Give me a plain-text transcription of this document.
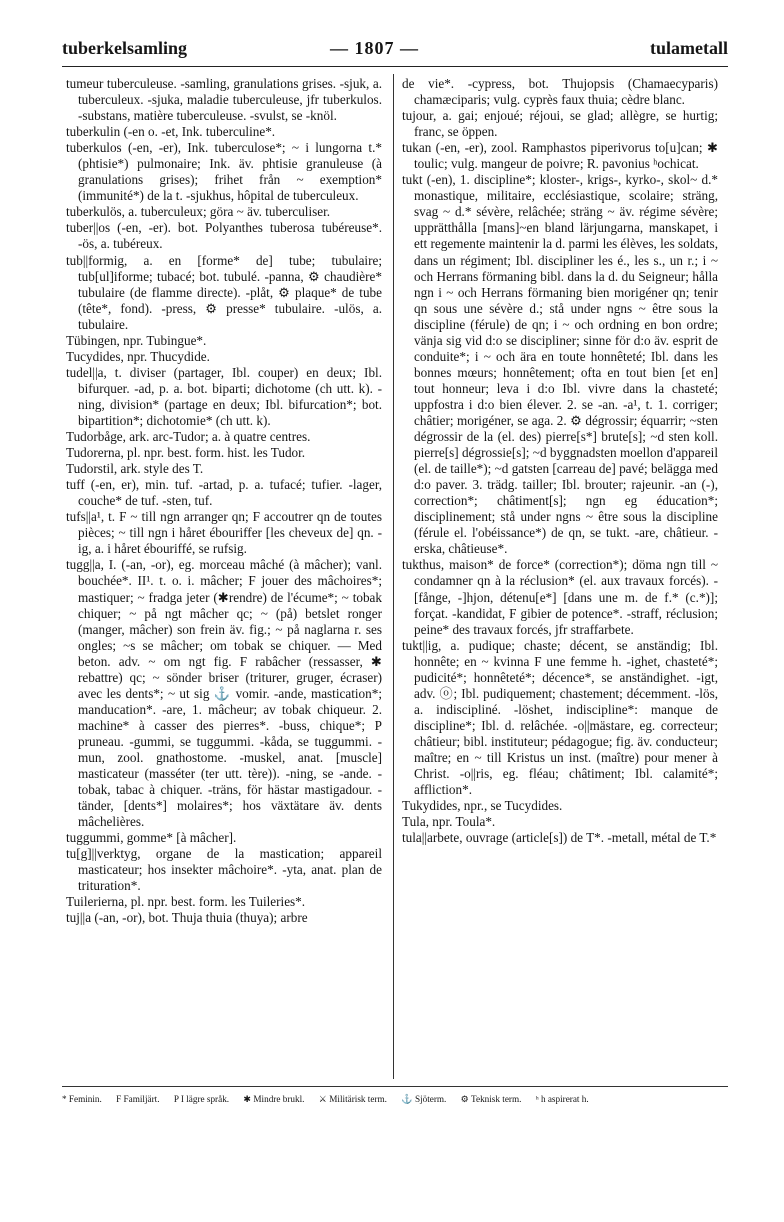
tuberkelsamling	— 1807 —	tulametall

tumeur tuberculeuse. -samling, granulations grises. -sjuk, a. tuberculeux. -sjuka, maladie tuberculeuse, jfr tuberkulos. -substans, matière tuberculeuse. -svulst, se -knöl.

tuberkulin (-en o. -et, Ink. tuberculine*.

tuberkulos (-en, -er), Ink. tuberculose*; ~ i lungorna t.* (phtisie*) pulmonaire; Ink. äv. phtisie granuleuse (à granulations grises); frihet från ~ exemption* (immunité*) de la t. -sjukhus, hôpital de tuberculeux.

tuberkulös, a. tuberculeux; göra ~ äv. tuberculiser.

tuber||os (-en, -er). bot. Polyanthes tuberosa tubéreuse*. -ös, a. tubéreux.

tub||formig, a. en [forme* de] tube; tubulaire; tub[ul]iforme; tubacé; bot. tubulé. -panna, ⚙ chaudière* tubulaire (de flamme directe). -plåt, ⚙ plaque* de tube (tête*, fond). -press, ⚙ presse* tubulaire. -ulös, a. tubulaire.

Tübingen, npr. Tubingue*.

Tucydides, npr. Thucydide.

tudel||a, t. diviser (partager, Ibl. couper) en deux; Ibl. bifurquer. -ad, p. a. bot. biparti; dichotome (ch utt. k). -ning, division* (partage en deux; Ibl. bifurcation*; bot. bipartition*; dichotomie* (ch utt. k).

Tudorbåge, ark. arc-Tudor; a. à quatre centres.

Tudorerna, pl. npr. best. form. hist. les Tudor.

Tudorstil, ark. style des T.

tuff (-en, er), min. tuf. -artad, p. a. tufacé; tufier. -lager, couche* de tuf. -sten, tuf.

tufs||a¹, t. F ~ till ngn arranger qn; F accoutrer qn de toutes pièces; ~ till ngn i håret ébouriffer [les cheveux de] qn. -ig, a. i håret ébouriffé, se rufsig.

tugg||a, I. (-an, -or), eg. morceau mâché (à mâcher); vanl. bouchée*. II¹. t. o. i. mâcher; F jouer des mâchoires*; mastiquer; ~ fradga jeter (✱rendre) de l'écume*; ~ tobak chiquer; ~ på ngt mâcher qc; ~ (på) betslet ronger (manger, mâcher) son frein äv. fig.; ~ på naglarna r. ses ongles; ~s se mâcher; om tobak se chiquer. — Med beton. adv. ~ om ngt fig. F rabâcher (ressasser, ✱ rebattre) qc; ~ sönder briser (triturer, gruger, écraser) avec les dents*; ~ ut sig ⚓ vomir. -ande, mastication*; manducation*. -are, 1. mâcheur; av tobak chiqueur. 2. machine* à casser des pierres*. -buss, chique*; P pruneau. -gummi, se tuggummi. -kåda, se tuggummi. -mun, zool. gnathostome. -muskel, anat. [muscle] masticateur (masséter (ter utt. tère)). -ning, se -ande. -tobak, tabac à chiquer. -träns, för hästar mastigadour. -tänder, [dents*] molaires*; hos växtätare äv. dents mâchelières.

tuggummi, gomme* [à mâcher].

tu[g]||verktyg, organe de la mastication; appareil masticateur; hos insekter mâchoire*. -yta, anat. plan de trituration*.

Tuilerierna, pl. npr. best. form. les Tuileries*.

tuj||a (-an, -or), bot. Thuja thuia (thuya); arbre

de vie*. -cypress, bot. Thujopsis (Chamaecyparis) chamæciparis; vulg. cyprès faux thuia; cèdre blanc.

tujour, a. gai; enjoué; réjoui, se glad; allègre, se hurtig; franc, se öppen.

tukan (-en, -er), zool. Ramphastos piperivorus to[u]can; ✱ toulic; vulg. mangeur de poivre; R. pavonius ʰochicat.

tukt (-en), 1. discipline*; kloster-, krigs-, kyrko-, skol~ d.* monastique, militaire, ecclésiastique, scolaire; sträng, svag ~ d.* sévère, relâchée; sträng ~ äv. régime sévère; upprätthålla [mans]~en bland lärjungarna, manskapet, i ett regemente maintenir la d. parmi les élèves, les soldats, dans un régiment; Ibl. discipliner les é., les s., un r.; i ~ och Herrans förmaning bibl. dans la d. du Seigneur; hålla ngn i ~ och Herrans förmaning bien morigéner qn; tenir qn sous une sévère d.; stå under ngns ~ être sous la discipline (férule) de qn; i ~ och ordning en bon ordre; vänja sig vid d:o se discipliner; sinne för d:o äv. esprit de conduite*; i ~ och ära en toute honnêteté; Ibl. dans les bonnes mœurs; honnêtement; ofta en tout bien [et en] tout honneur; leva i d:o Ibl. vivre dans la chasteté; uppfostra i d:o bien élever. 2. se -an. -a¹, t. 1. corriger; châtier; morigéner, se aga. 2. ⚙ dégrossir; équarrir; ~sten dégrossir de la (el. des) pierre[s*] brute[s]; ~d sten koll. pierre[s] dégrossie[s]; ~d byggnadsten moellon d'appareil (el. de taille*); ~d gatsten [carreau de] pavé; belägga med d:o paver. 3. trädg. tailler; Ibl. brouter; rajeunir. -an (-), correction*; châtiment[s]; ngn eg éducation*; disciplinement; stå under ngns ~ être sous la discipline (férule el. l'obéissance*) de qn, se tukt. -are, châtieur. -erska, châtieuse*.

tukthus, maison* de force* (correction*); döma ngn till ~ condamner qn à la réclusion* (el. aux travaux forcés). -[fånge, -]hjon, détenu[e*] [dans une m. de f.* (c.*)]; forçat. -kandidat, F gibier de potence*. -straff, réclusion; peine* des travaux forcés, jfr straffarbete.

tukt||ig, a. pudique; chaste; décent, se anständig; Ibl. honnête; en ~ kvinna F une femme h. -ighet, chasteté*; pudicité*; honnêteté*; décence*, se anständighet. -igt, adv. ⓞ; Ibl. pudiquement; chastement; décemment. -lös, a. indiscipliné. -löshet, indiscipline*: manque de discipline*; Ibl. d. relâchée. -o||mästare, eg. correcteur; châtieur; bibl. instituteur; pédagogue; fig. äv. conducteur; maître; en ~ till Kristus un inst. (maître) pour mener à Christ. -o||ris, eg. fléau; châtiment; Ibl. calamité*; affliction*.

Tukydides, npr., se Tucydides.

Tula, npr. Toula*.

tula||arbete, ouvrage (article[s]) de T*. -metall, métal de T.*

* Feminin. F Familjärt. P I lägre språk. ✱ Mindre brukl. ⚔ Militärisk term. ⚓ Sjöterm. ⚙ Teknisk term. ʰ h aspirerat h.
